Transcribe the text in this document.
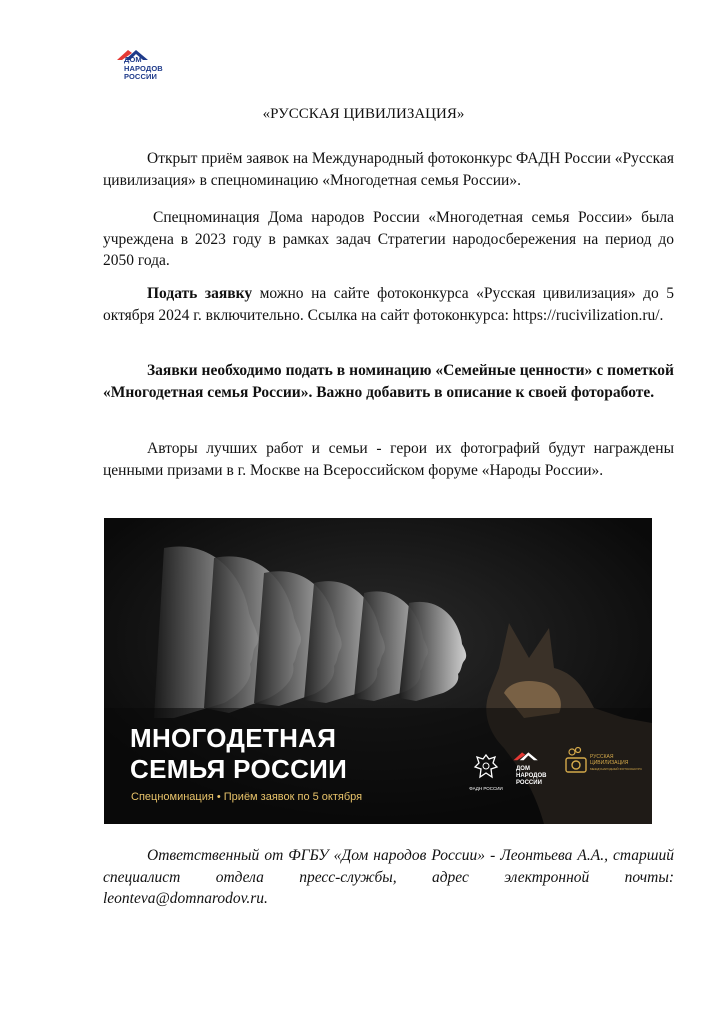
ДОМ
НАРОДОВ
РОССИИ
«РУССКАЯ ЦИВИЛИЗАЦИЯ»

Открыт приём заявок на Международный фотоконкурс ФАДН России «Русская цивилизация» в спецноминацию «Многодетная семья России».

Спецноминация Дома народов России «Многодетная семья России» была учреждена в 2023 году в рамках задач Стратегии народосбережения на период до 2050 года.

Подать заявку можно на сайте фотоконкурса «Русская цивилизация» до 5 октября 2024 г. включительно. Ссылка на сайт фотоконкурса: https://rucivilization.ru/.

Заявки необходимо подать в номинацию «Семейные ценности» с пометкой «Многодетная семья России». Важно добавить в описание к своей фотоработе.

Авторы лучших работ и семьи - герои их фотографий будут награждены ценными призами в г. Москве на Всероссийском форуме «Народы России».

МНОГОДЕТНАЯ
СЕМЬЯ РОССИИ
Спецноминация • Приём заявок по 5 октября
ФАДН РОССИИ
ДОМ
НАРОДОВ
РОССИИ
РУССКАЯ
ЦИВИЛИЗАЦИЯ
МЕЖДУНАРОДНЫЙ ФОТОКОНКУРС

Ответственный от ФГБУ «Дом народов России» - Леонтьева А.А., старший специалист отдела пресс-службы, адрес электронной почты: leonteva@domnarodov.ru.
